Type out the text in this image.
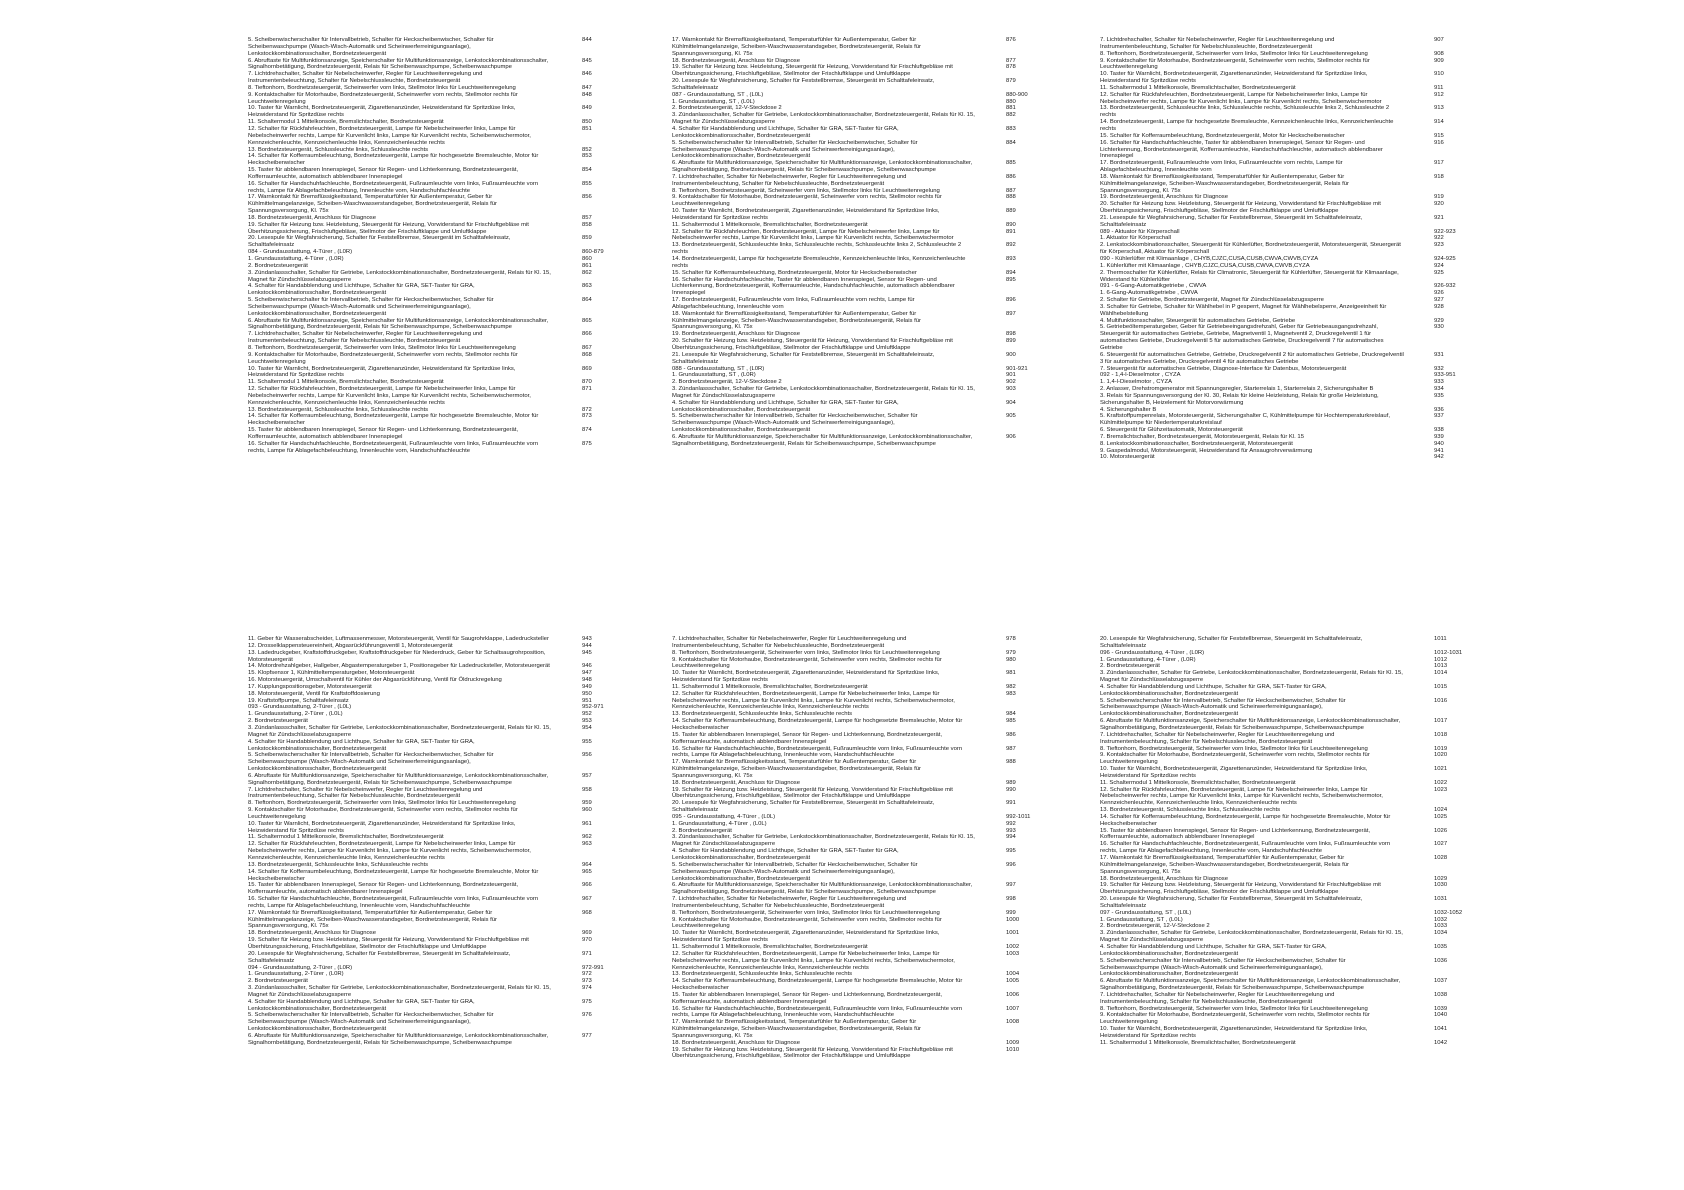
5. Scheibenwischerschalter für Intervallbetrieb, Schalter für Heckscheibenwischer, Schalter für Scheibenwaschpumpe (Wasch-Wisch-Automatik und Scheinwerferreinigungsanlage), Lenkstockkombinationsschalter, Bordnetzsteuergerät
844
6. Abruftaste für Multifunktionsanzeige, Speicherschalter für Multifunktionsanzeige, Lenkstockkombinationsschalter, Signalhornbetätigung, Bordnetzsteuergerät, Relais für Scheibenwaschpumpe, Scheibenwaschpumpe
845
7. Lichtdrehschalter, Schalter für Nebelscheinwerfer, Regler für Leuchtweitenregelung und Instrumentenbeleuchtung, Schalter für Nebelschlussleuchte, Bordnetzsteuergerät
846
8. Tieftonhorn, Bordnetzsteuergerät, Scheinwerfer vorn links, Stellmotor links für Leuchtweitenregelung	847
9. Kontaktschalter für Motorhaube, Bordnetzsteuergerät, Scheinwerfer vorn rechts, Stellmotor rechts für Leuchtweitenregelung
848
10. Taster für Warnlicht, Bordnetzsteuergerät, Zigarettenanzünder, Heizwiderstand für Spritzdüse links, Heizwiderstand für Spritzdüse rechts
849
11. Schaltermodul 1 Mittelkonsole, Bremslichtschalter, Bordnetzsteuergerät	850
12. Schalter für Rückfahrleuchten, Bordnetzsteuergerät, Lampe für Nebelscheinwerfer links, Lampe für Nebelscheinwerfer rechts, Lampe für Kurvenlicht links, Lampe für Kurvenlicht rechts, Scheibenwischermotor, Kennzeichenleuchte, Kennzeichenleuchte links, Kennzeichenleuchte rechts
851
13. Bordnetzsteuergerät, Schlussleuchte links, Schlussleuchte rechts	852
14. Schalter für Kofferraumbeleuchtung, Bordnetzsteuergerät, Lampe für hochgesetzte Bremsleuchte, Motor für Heckscheibenwischer
853
15. Taster für abblendbaren Innenspiegel, Sensor für Regen- und Lichterkennung, Bordnetzsteuergerät, Kofferraumleuchte, automatisch abblendbarer Innenspiegel
854
16. Schalter für Handschuhfachleuchte, Bordnetzsteuergerät, Fußraumleuchte vorn links, Fußraumleuchte vorn rechts, Lampe für Ablagefachbeleuchtung, Innenleuchte vorn, Handschuhfachleuchte
855
17. Warnkontakt für Bremsflüssigkeitsstand, Temperaturfühler für Außentemperatur, Geber für Kühlmittelmangelanzeige, Scheiben-Waschwasserstandsgeber, Bordnetzsteuergerät, Relais für Spannungsversorgung, Kl. 75x
856
18. Bordnetzsteuergerät, Anschluss für Diagnose	857
19. Schalter für Heizung bzw. Heizleistung, Steuergerät für Heizung, Vorwiderstand für Frischluftgebläse mit Überhitzungssicherung, Frischluftgebläse, Stellmotor der Frischluftklappe und Umluftklappe
858
20. Lesespule für Wegfahrsicherung, Schalter für Feststellbremse, Steuergerät im Schalttafeleinsatz, Schalttafeleinsatz
859
084 - Grundausstattung, 4-Türer , (L0R)	860-879
1. Grundausstattung, 4-Türer , (L0R)	860
2. Bordnetzsteuergerät	861
3. Zündanlassschalter, Schalter für Getriebe, Lenkstockkombinationsschalter, Bordnetzsteuergerät, Relais für Kl. 15, Magnet für Zündschlüsselabzugssperre
862
4. Schalter für Handabblendung und Lichthupe, Schalter für GRA, SET-Taster für GRA, Lenkstockkombinationsschalter, Bordnetzsteuergerät
863
5. Scheibenwischerschalter für Intervallbetrieb, Schalter für Heckscheibenwischer, Schalter für Scheibenwaschpumpe (Wasch-Wisch-Automatik und Scheinwerferreinigungsanlage), Lenkstockkombinationsschalter, Bordnetzsteuergerät
864
6. Abruftaste für Multifunktionsanzeige, Speicherschalter für Multifunktionsanzeige, Lenkstockkombinationsschalter, Signalhornbetätigung, Bordnetzsteuergerät, Relais für Scheibenwaschpumpe, Scheibenwaschpumpe
865
7. Lichtdrehschalter, Schalter für Nebelscheinwerfer, Regler für Leuchtweitenregelung und Instrumentenbeleuchtung, Schalter für Nebelschlussleuchte, Bordnetzsteuergerät
866
8. Tieftonhorn, Bordnetzsteuergerät, Scheinwerfer vorn links, Stellmotor links für Leuchtweitenregelung	867
9. Kontaktschalter für Motorhaube, Bordnetzsteuergerät, Scheinwerfer vorn rechts, Stellmotor rechts für Leuchtweitenregelung
868
10. Taster für Warnlicht, Bordnetzsteuergerät, Zigarettenanzünder, Heizwiderstand für Spritzdüse links, Heizwiderstand für Spritzdüse rechts
869
11. Schaltermodul 1 Mittelkonsole, Bremslichtschalter, Bordnetzsteuergerät	870
12. Schalter für Rückfahrleuchten, Bordnetzsteuergerät, Lampe für Nebelscheinwerfer links, Lampe für Nebelscheinwerfer rechts, Lampe für Kurvenlicht links, Lampe für Kurvenlicht rechts, Scheibenwischermotor, Kennzeichenleuchte, Kennzeichenleuchte links, Kennzeichenleuchte rechts
871
13. Bordnetzsteuergerät, Schlussleuchte links, Schlussleuchte rechts	872
14. Schalter für Kofferraumbeleuchtung, Bordnetzsteuergerät, Lampe für hochgesetzte Bremsleuchte, Motor für Heckscheibenwischer
873
15. Taster für abblendbaren Innenspiegel, Sensor für Regen- und Lichterkennung, Bordnetzsteuergerät, Kofferraumleuchte, automatisch abblendbarer Innenspiegel
874
16. Schalter für Handschuhfachleuchte, Bordnetzsteuergerät, Fußraumleuchte vorn links, Fußraumleuchte vorn rechts, Lampe für Ablagefachbeleuchtung, Innenleuchte vorn, Handschuhfachleuchte
875
17. Warnkontakt für Bremsflüssigkeitsstand, Temperaturfühler für Außentemperatur, Geber für Kühlmittelmangelanzeige, Scheiben-Waschwasserstandsgeber, Bordnetzsteuergerät, Relais für Spannungsversorgung, Kl. 75x
876
18. Bordnetzsteuergerät, Anschluss für Diagnose	877
19. Schalter für Heizung bzw. Heizleistung, Steuergerät für Heizung, Vorwiderstand für Frischluftgebläse mit Überhitzungssicherung, Frischluftgebläse, Stellmotor der Frischluftklappe und Umluftklappe
878
20. Lesespule für Wegfahrsicherung, Schalter für Feststellbremse, Steuergerät im Schalttafeleinsatz, Schalttafeleinsatz
879
087 - Grundausstattung, ST , (L0L)	880-900
1. Grundausstattung, ST , (L0L)	880
2. Bordnetzsteuergerät, 12-V-Steckdose 2	881
3. Zündanlassschalter, Schalter für Getriebe, Lenkstockkombinationsschalter, Bordnetzsteuergerät, Relais für Kl. 15, Magnet für Zündschlüsselabzugssperre
882
4. Schalter für Handabblendung und Lichthupe, Schalter für GRA, SET-Taster für GRA, Lenkstockkombinationsschalter, Bordnetzsteuergerät
883
5. Scheibenwischerschalter für Intervallbetrieb, Schalter für Heckscheibenwischer, Schalter für Scheibenwaschpumpe (Wasch-Wisch-Automatik und Scheinwerferreinigungsanlage), Lenkstockkombinationsschalter, Bordnetzsteuergerät
884
6. Abruftaste für Multifunktionsanzeige, Speicherschalter für Multifunktionsanzeige, Lenkstockkombinationsschalter, Signalhornbetätigung, Bordnetzsteuergerät, Relais für Scheibenwaschpumpe, Scheibenwaschpumpe
885
7. Lichtdrehschalter, Schalter für Nebelscheinwerfer, Regler für Leuchtweitenregelung und Instrumentenbeleuchtung, Schalter für Nebelschlussleuchte, Bordnetzsteuergerät
886
8. Tieftonhorn, Bordnetzsteuergerät, Scheinwerfer vorn links, Stellmotor links für Leuchtweitenregelung	887
9. Kontaktschalter für Motorhaube, Bordnetzsteuergerät, Scheinwerfer vorn rechts, Stellmotor rechts für Leuchtweitenregelung
888
10. Taster für Warnlicht, Bordnetzsteuergerät, Zigarettenanzünder, Heizwiderstand für Spritzdüse links, Heizwiderstand für Spritzdüse rechts
889
11. Schaltermodul 1 Mittelkonsole, Bremslichtschalter, Bordnetzsteuergerät	890
12. Schalter für Rückfahrleuchten, Bordnetzsteuergerät, Lampe für Nebelscheinwerfer links, Lampe für Nebelscheinwerfer rechts, Lampe für Kurvenlicht links, Lampe für Kurvenlicht rechts, Scheibenwischermotor
891
13. Bordnetzsteuergerät, Schlussleuchte links, Schlussleuchte rechts, Schlussleuchte links 2, Schlussleuchte 2 rechts
892
14. Bordnetzsteuergerät, Lampe für hochgesetzte Bremsleuchte, Kennzeichenleuchte links, Kennzeichenleuchte rechts
893
15. Schalter für Kofferraumbeleuchtung, Bordnetzsteuergerät, Motor für Heckscheibenwischer	894
16. Schalter für Handschuhfachleuchte, Taster für abblendbaren Innenspiegel, Sensor für Regen- und Lichterkennung, Bordnetzsteuergerät, Kofferraumleuchte, Handschuhfachleuchte, automatisch abblendbarer Innenspiegel
895
17. Bordnetzsteuergerät, Fußraumleuchte vorn links, Fußraumleuchte vorn rechts, Lampe für Ablagefachbeleuchtung, Innenleuchte vorn
896
18. Warnkontakt für Bremsflüssigkeitsstand, Temperaturfühler für Außentemperatur, Geber für Kühlmittelmangelanzeige, Scheiben-Waschwasserstandsgeber, Bordnetzsteuergerät, Relais für Spannungsversorgung, Kl. 75x
897
19. Bordnetzsteuergerät, Anschluss für Diagnose	898
20. Schalter für Heizung bzw. Heizleistung, Steuergerät für Heizung, Vorwiderstand für Frischluftgebläse mit Überhitzungssicherung, Frischluftgebläse, Stellmotor der Frischluftklappe und Umluftklappe
899
21. Lesespule für Wegfahrsicherung, Schalter für Feststellbremse, Steuergerät im Schalttafeleinsatz, Schalttafeleinsatz
900
088 - Grundausstattung, ST , (L0R)	901-921
1. Grundausstattung, ST , (L0R)	901
2. Bordnetzsteuergerät, 12-V-Steckdose 2	902
3. Zündanlassschalter, Schalter für Getriebe, Lenkstockkombinationsschalter, Bordnetzsteuergerät, Relais für Kl. 15, Magnet für Zündschlüsselabzugssperre
903
4. Schalter für Handabblendung und Lichthupe, Schalter für GRA, SET-Taster für GRA, Lenkstockkombinationsschalter, Bordnetzsteuergerät
904
5. Scheibenwischerschalter für Intervallbetrieb, Schalter für Heckscheibenwischer, Schalter für Scheibenwaschpumpe (Wasch-Wisch-Automatik und Scheinwerferreinigungsanlage), Lenkstockkombinationsschalter, Bordnetzsteuergerät
905
6. Abruftaste für Multifunktionsanzeige, Speicherschalter für Multifunktionsanzeige, Lenkstockkombinationsschalter, Signalhornbetätigung, Bordnetzsteuergerät, Relais für Scheibenwaschpumpe, Scheibenwaschpumpe
906
7. Lichtdrehschalter, Schalter für Nebelscheinwerfer, Regler für Leuchtweitenregelung und Instrumentenbeleuchtung, Schalter für Nebelschlussleuchte, Bordnetzsteuergerät
907
8. Tieftonhorn, Bordnetzsteuergerät, Scheinwerfer vorn links, Stellmotor links für Leuchtweitenregelung	908
9. Kontaktschalter für Motorhaube, Bordnetzsteuergerät, Scheinwerfer vorn rechts, Stellmotor rechts für Leuchtweitenregelung
909
10. Taster für Warnlicht, Bordnetzsteuergerät, Zigarettenanzünder, Heizwiderstand für Spritzdüse links, Heizwiderstand für Spritzdüse rechts
910
11. Schaltermodul 1 Mittelkonsole, Bremslichtschalter, Bordnetzsteuergerät	911
12. Schalter für Rückfahrleuchten, Bordnetzsteuergerät, Lampe für Nebelscheinwerfer links, Lampe für Nebelscheinwerfer rechts, Lampe für Kurvenlicht links, Lampe für Kurvenlicht rechts, Scheibenwischermotor
912
13. Bordnetzsteuergerät, Schlussleuchte links, Schlussleuchte rechts, Schlussleuchte links 2, Schlussleuchte 2 rechts
913
14. Bordnetzsteuergerät, Lampe für hochgesetzte Bremsleuchte, Kennzeichenleuchte links, Kennzeichenleuchte rechts
914
15. Schalter für Kofferraumbeleuchtung, Bordnetzsteuergerät, Motor für Heckscheibenwischer	915
16. Schalter für Handschuhfachleuchte, Taster für abblendbaren Innenspiegel, Sensor für Regen- und Lichterkennung, Bordnetzsteuergerät, Kofferraumleuchte, Handschuhfachleuchte, automatisch abblendbarer Innenspiegel
916
17. Bordnetzsteuergerät, Fußraumleuchte vorn links, Fußraumleuchte vorn rechts, Lampe für Ablagefachbeleuchtung, Innenleuchte vorn
917
18. Warnkontakt für Bremsflüssigkeitsstand, Temperaturfühler für Außentemperatur, Geber für Kühlmittelmangelanzeige, Scheiben-Waschwasserstandsgeber, Bordnetzsteuergerät, Relais für Spannungsversorgung, Kl. 75x
918
19. Bordnetzsteuergerät, Anschluss für Diagnose	919
20. Schalter für Heizung bzw. Heizleistung, Steuergerät für Heizung, Vorwiderstand für Frischluftgebläse mit Überhitzungssicherung, Frischluftgebläse, Stellmotor der Frischluftklappe und Umluftklappe
920
21. Lesespule für Wegfahrsicherung, Schalter für Feststellbremse, Steuergerät im Schalttafeleinsatz, Schalttafeleinsatz
921
089 - Aktuator für Körperschall	922-923
1. Aktuator für Körperschall	922
2. Lenkstockkombinationsschalter, Steuergerät für Kühlerlüfter, Bordnetzsteuergerät, Motorsteuergerät, Steuergerät für Körperschall, Aktuator für Körperschall
923
090 - Kühlerlüfter mit Klimaanlage , CHYB,CJZC,CUSA,CUSB,CWVA,CWVB,CYZA	924-925
1. Kühlerlüfter mit Klimaanlage , CHYB,CJZC,CUSA,CUSB,CWVA,CWVB,CYZA	924
2. Thermoschalter für Kühlerlüfter, Relais für Climatronic, Steuergerät für Kühlerlüfter, Steuergerät für Klimaanlage, Widerstand für Kühlerlüfter
925
091 - 6-Gang-Automatikgetriebe , CWVA	926-932
1. 6-Gang-Automatikgetriebe , CWVA	926
2. Schalter für Getriebe, Bordnetzsteuergerät, Magnet für Zündschlüsselabzugssperre	927
3. Schalter für Getriebe, Schalter für Wählhebel in P gesperrt, Magnet für Wählhebelsperre, Anzeigeeinheit für Wählhebelstellung
928
4. Multifunktionsschalter, Steuergerät für automatisches Getriebe, Getriebe	929
5. Getriebeöltemperaturgeber, Geber für Getriebeeingangsdrehzahl, Geber für Getriebeausgangsdrehzahl, Steuergerät für automatisches Getriebe, Getriebe, Magnetventil 1, Magnetventil 2, Druckregelventil 1 für automatisches Getriebe, Druckregelventil 5 für automatisches Getriebe, Druckregelventil 7 für automatisches Getriebe
930
6. Steuergerät für automatisches Getriebe, Getriebe, Druckregelventil 2 für automatisches Getriebe, Druckregelventil 3 für automatisches Getriebe, Druckregelventil 4 für automatisches Getriebe
931
7. Steuergerät für automatisches Getriebe, Diagnose-Interface für Datenbus, Motorsteuergerät	932
092 - 1,4-l-Dieselmotor , CYZA	933-951
1. 1,4-l-Dieselmotor , CYZA	933
2. Anlasser, Drehstromgenerator mit Spannungsregler, Starterrelais 1, Starterrelais 2, Sicherungshalter B	934
3. Relais für Spannungsversorgung der Kl. 30, Relais für kleine Heizleistung, Relais für große Heizleistung, Sicherungshalter B, Heizelement für Motorvorwärmung
935
4. Sicherungshalter B	936
5. Kraftstoffpumpenrelais, Motorsteuergerät, Sicherungshalter C, Kühlmittelpumpe für Hochtemperaturkreislauf, Kühlmittelpumpe für Niedertemperaturkreislauf
937
6. Steuergerät für Glühzeitautomatik, Motorsteuergerät	938
7. Bremslichtschalter, Bordnetzsteuergerät, Motorsteuergerät, Relais für Kl. 15	939
8. Lenkstockkombinationsschalter, Bordnetzsteuergerät, Motorsteuergerät	940
9. Gaspedalmodul, Motorsteuergerät, Heizwiderstand für Ansaugrohrverwärmung	941
10. Motorsteuergerät	942
11. Geber für Wasserabscheider, Luftmassenmesser, Motorsteuergerät, Ventil für Saugrohrklappe, Ladedrucksteller	943
12. Drosselklappensteuereinheit, Abgasrückführungsventil 1, Motorsteuergerät	944
13. Ladedruckgeber, Kraftstoffdruckgeber, Kraftstoffdruckgeber für Niederdruck, Geber für Schaltsaugrohrposition, Motorsteuergerät
945
14. Motordrehzahlgeber, Hallgeber, Abgastemperaturgeber 1, Positionsgeber für Ladedrucksteller, Motorsteuergerät	946
15. Klopfsensor 1, Kühlmitteltemperaturgeber, Motorsteuergerät	947
16. Motorsteuergerät, Umschaltventil für Kühler der Abgasrückführung, Ventil für Öldruckregelung	948
17. Kupplungspositionsgeber, Motorsteuergerät	949
18. Motorsteuergerät, Ventil für Kraftstoffdosierung	950
19. Kraftstoffpumpe, Schalttafeleinsatz	951
093 - Grundausstattung, 2-Türer , (L0L)	952-971
1. Grundausstattung, 2-Türer , (L0L)	952
2. Bordnetzsteuergerät	953
3. Zündanlassschalter, Schalter für Getriebe, Lenkstockkombinationsschalter, Bordnetzsteuergerät, Relais für Kl. 15, Magnet für Zündschlüsselabzugssperre
954
4. Schalter für Handabblendung und Lichthupe, Schalter für GRA, SET-Taster für GRA, Lenkstockkombinationsschalter, Bordnetzsteuergerät
955
5. Scheibenwischerschalter für Intervallbetrieb, Schalter für Heckscheibenwischer, Schalter für Scheibenwaschpumpe (Wasch-Wisch-Automatik und Scheinwerferreinigungsanlage), Lenkstockkombinationsschalter, Bordnetzsteuergerät
956
6. Abruftaste für Multifunktionsanzeige, Speicherschalter für Multifunktionsanzeige, Lenkstockkombinationsschalter, Signalhornbetätigung, Bordnetzsteuergerät, Relais für Scheibenwaschpumpe, Scheibenwaschpumpe
957
7. Lichtdrehschalter, Schalter für Nebelscheinwerfer, Regler für Leuchtweitenregelung und Instrumentenbeleuchtung, Schalter für Nebelschlussleuchte, Bordnetzsteuergerät
958
8. Tieftonhorn, Bordnetzsteuergerät, Scheinwerfer vorn links, Stellmotor links für Leuchtweitenregelung	959
9. Kontaktschalter für Motorhaube, Bordnetzsteuergerät, Scheinwerfer vorn rechts, Stellmotor rechts für Leuchtweitenregelung
960
10. Taster für Warnlicht, Bordnetzsteuergerät, Zigarettenanzünder, Heizwiderstand für Spritzdüse links, Heizwiderstand für Spritzdüse rechts
961
11. Schaltermodul 1 Mittelkonsole, Bremslichtschalter, Bordnetzsteuergerät	962
12. Schalter für Rückfahrleuchten, Bordnetzsteuergerät, Lampe für Nebelscheinwerfer links, Lampe für Nebelscheinwerfer rechts, Lampe für Kurvenlicht links, Lampe für Kurvenlicht rechts, Scheibenwischermotor, Kennzeichenleuchte, Kennzeichenleuchte links, Kennzeichenleuchte rechts
963
13. Bordnetzsteuergerät, Schlussleuchte links, Schlussleuchte rechts	964
14. Schalter für Kofferraumbeleuchtung, Bordnetzsteuergerät, Lampe für hochgesetzte Bremsleuchte, Motor für Heckscheibenwischer
965
15. Taster für abblendbaren Innenspiegel, Sensor für Regen- und Lichterkennung, Bordnetzsteuergerät, Kofferraumleuchte, automatisch abblendbarer Innenspiegel
966
16. Schalter für Handschuhfachleuchte, Bordnetzsteuergerät, Fußraumleuchte vorn links, Fußraumleuchte vorn rechts, Lampe für Ablagefachbeleuchtung, Innenleuchte vorn, Handschuhfachleuchte
967
17. Warnkontakt für Bremsflüssigkeitsstand, Temperaturfühler für Außentemperatur, Geber für Kühlmittelmangelanzeige, Scheiben-Waschwasserstandsgeber, Bordnetzsteuergerät, Relais für Spannungsversorgung, Kl. 75x
968
18. Bordnetzsteuergerät, Anschluss für Diagnose	969
19. Schalter für Heizung bzw. Heizleistung, Steuergerät für Heizung, Vorwiderstand für Frischluftgebläse mit Überhitzungssicherung, Frischluftgebläse, Stellmotor der Frischluftklappe und Umluftklappe
970
20. Lesespule für Wegfahrsicherung, Schalter für Feststellbremse, Steuergerät im Schalttafeleinsatz, Schalttafeleinsatz
971
094 - Grundausstattung, 2-Türer , (L0R)	972-991
1. Grundausstattung, 2-Türer , (L0R)	972
2. Bordnetzsteuergerät	973
3. Zündanlassschalter, Schalter für Getriebe, Lenkstockkombinationsschalter, Bordnetzsteuergerät, Relais für Kl. 15, Magnet für Zündschlüsselabzugssperre
974
4. Schalter für Handabblendung und Lichthupe, Schalter für GRA, SET-Taster für GRA, Lenkstockkombinationsschalter, Bordnetzsteuergerät
975
5. Scheibenwischerschalter für Intervallbetrieb, Schalter für Heckscheibenwischer, Schalter für Scheibenwaschpumpe (Wasch-Wisch-Automatik und Scheinwerferreinigungsanlage), Lenkstockkombinationsschalter, Bordnetzsteuergerät
976
6. Abruftaste für Multifunktionsanzeige, Speicherschalter für Multifunktionsanzeige, Lenkstockkombinationsschalter, Signalhornbetätigung, Bordnetzsteuergerät, Relais für Scheibenwaschpumpe, Scheibenwaschpumpe
977
7. Lichtdrehschalter, Schalter für Nebelscheinwerfer, Regler für Leuchtweitenregelung und Instrumentenbeleuchtung, Schalter für Nebelschlussleuchte, Bordnetzsteuergerät
978
8. Tieftonhorn, Bordnetzsteuergerät, Scheinwerfer vorn links, Stellmotor links für Leuchtweitenregelung	979
9. Kontaktschalter für Motorhaube, Bordnetzsteuergerät, Scheinwerfer vorn rechts, Stellmotor rechts für Leuchtweitenregelung
980
10. Taster für Warnlicht, Bordnetzsteuergerät, Zigarettenanzünder, Heizwiderstand für Spritzdüse links, Heizwiderstand für Spritzdüse rechts
981
11. Schaltermodul 1 Mittelkonsole, Bremslichtschalter, Bordnetzsteuergerät	982
12. Schalter für Rückfahrleuchten, Bordnetzsteuergerät, Lampe für Nebelscheinwerfer links, Lampe für Nebelscheinwerfer rechts, Lampe für Kurvenlicht links, Lampe für Kurvenlicht rechts, Scheibenwischermotor, Kennzeichenleuchte, Kennzeichenleuchte links, Kennzeichenleuchte rechts
983
13. Bordnetzsteuergerät, Schlussleuchte links, Schlussleuchte rechts	984
14. Schalter für Kofferraumbeleuchtung, Bordnetzsteuergerät, Lampe für hochgesetzte Bremsleuchte, Motor für Heckscheibenwischer
985
15. Taster für abblendbaren Innenspiegel, Sensor für Regen- und Lichterkennung, Bordnetzsteuergerät, Kofferraumleuchte, automatisch abblendbarer Innenspiegel
986
16. Schalter für Handschuhfachleuchte, Bordnetzsteuergerät, Fußraumleuchte vorn links, Fußraumleuchte vorn rechts, Lampe für Ablagefachbeleuchtung, Innenleuchte vorn, Handschuhfachleuchte
987
17. Warnkontakt für Bremsflüssigkeitsstand, Temperaturfühler für Außentemperatur, Geber für Kühlmittelmangelanzeige, Scheiben-Waschwasserstandsgeber, Bordnetzsteuergerät, Relais für Spannungsversorgung, Kl. 75x
988
18. Bordnetzsteuergerät, Anschluss für Diagnose	989
19. Schalter für Heizung bzw. Heizleistung, Steuergerät für Heizung, Vorwiderstand für Frischluftgebläse mit Überhitzungssicherung, Frischluftgebläse, Stellmotor der Frischluftklappe und Umluftklappe
990
20. Lesespule für Wegfahrsicherung, Schalter für Feststellbremse, Steuergerät im Schalttafeleinsatz, Schalttafeleinsatz
991
095 - Grundausstattung, 4-Türer , (L0L)	992-1011
1. Grundausstattung, 4-Türer , (L0L)	992
2. Bordnetzsteuergerät	993
3. Zündanlassschalter, Schalter für Getriebe, Lenkstockkombinationsschalter, Bordnetzsteuergerät, Relais für Kl. 15, Magnet für Zündschlüsselabzugssperre
994
4. Schalter für Handabblendung und Lichthupe, Schalter für GRA, SET-Taster für GRA, Lenkstockkombinationsschalter, Bordnetzsteuergerät
995
5. Scheibenwischerschalter für Intervallbetrieb, Schalter für Heckscheibenwischer, Schalter für Scheibenwaschpumpe (Wasch-Wisch-Automatik und Scheinwerferreinigungsanlage), Lenkstockkombinationsschalter, Bordnetzsteuergerät
996
6. Abruftaste für Multifunktionsanzeige, Speicherschalter für Multifunktionsanzeige, Lenkstockkombinationsschalter, Signalhornbetätigung, Bordnetzsteuergerät, Relais für Scheibenwaschpumpe, Scheibenwaschpumpe
997
7. Lichtdrehschalter, Schalter für Nebelscheinwerfer, Regler für Leuchtweitenregelung und Instrumentenbeleuchtung, Schalter für Nebelschlussleuchte, Bordnetzsteuergerät
998
8. Tieftonhorn, Bordnetzsteuergerät, Scheinwerfer vorn links, Stellmotor links für Leuchtweitenregelung	999
9. Kontaktschalter für Motorhaube, Bordnetzsteuergerät, Scheinwerfer vorn rechts, Stellmotor rechts für Leuchtweitenregelung
1000
10. Taster für Warnlicht, Bordnetzsteuergerät, Zigarettenanzünder, Heizwiderstand für Spritzdüse links, Heizwiderstand für Spritzdüse rechts
1001
11. Schaltermodul 1 Mittelkonsole, Bremslichtschalter, Bordnetzsteuergerät	1002
12. Schalter für Rückfahrleuchten, Bordnetzsteuergerät, Lampe für Nebelscheinwerfer links, Lampe für Nebelscheinwerfer rechts, Lampe für Kurvenlicht links, Lampe für Kurvenlicht rechts, Scheibenwischermotor, Kennzeichenleuchte, Kennzeichenleuchte links, Kennzeichenleuchte rechts
1003
13. Bordnetzsteuergerät, Schlussleuchte links, Schlussleuchte rechts	1004
14. Schalter für Kofferraumbeleuchtung, Bordnetzsteuergerät, Lampe für hochgesetzte Bremsleuchte, Motor für Heckscheibenwischer
1005
15. Taster für abblendbaren Innenspiegel, Sensor für Regen- und Lichterkennung, Bordnetzsteuergerät, Kofferraumleuchte, automatisch abblendbarer Innenspiegel
1006
16. Schalter für Handschuhfachleuchte, Bordnetzsteuergerät, Fußraumleuchte vorn links, Fußraumleuchte vorn rechts, Lampe für Ablagefachbeleuchtung, Innenleuchte vorn, Handschuhfachleuchte
1007
17. Warnkontakt für Bremsflüssigkeitsstand, Temperaturfühler für Außentemperatur, Geber für Kühlmittelmangelanzeige, Scheiben-Waschwasserstandsgeber, Bordnetzsteuergerät, Relais für Spannungsversorgung, Kl. 75x
1008
18. Bordnetzsteuergerät, Anschluss für Diagnose	1009
19. Schalter für Heizung bzw. Heizleistung, Steuergerät für Heizung, Vorwiderstand für Frischluftgebläse mit Überhitzungssicherung, Frischluftgebläse, Stellmotor der Frischluftklappe und Umluftklappe
1010
20. Lesespule für Wegfahrsicherung, Schalter für Feststellbremse, Steuergerät im Schalttafeleinsatz, Schalttafeleinsatz
1011
096 - Grundausstattung, 4-Türer , (L0R)	1012-1031
1. Grundausstattung, 4-Türer , (L0R)	1012
2. Bordnetzsteuergerät	1013
3. Zündanlassschalter, Schalter für Getriebe, Lenkstockkombinationsschalter, Bordnetzsteuergerät, Relais für Kl. 15, Magnet für Zündschlüsselabzugssperre
1014
4. Schalter für Handabblendung und Lichthupe, Schalter für GRA, SET-Taster für GRA, Lenkstockkombinationsschalter, Bordnetzsteuergerät
1015
5. Scheibenwischerschalter für Intervallbetrieb, Schalter für Heckscheibenwischer, Schalter für Scheibenwaschpumpe (Wasch-Wisch-Automatik und Scheinwerferreinigungsanlage), Lenkstockkombinationsschalter, Bordnetzsteuergerät
1016
6. Abruftaste für Multifunktionsanzeige, Speicherschalter für Multifunktionsanzeige, Lenkstockkombinationsschalter, Signalhornbetätigung, Bordnetzsteuergerät, Relais für Scheibenwaschpumpe, Scheibenwaschpumpe
1017
7. Lichtdrehschalter, Schalter für Nebelscheinwerfer, Regler für Leuchtweitenregelung und Instrumentenbeleuchtung, Schalter für Nebelschlussleuchte, Bordnetzsteuergerät
1018
8. Tieftonhorn, Bordnetzsteuergerät, Scheinwerfer vorn links, Stellmotor links für Leuchtweitenregelung	1019
9. Kontaktschalter für Motorhaube, Bordnetzsteuergerät, Scheinwerfer vorn rechts, Stellmotor rechts für Leuchtweitenregelung
1020
10. Taster für Warnlicht, Bordnetzsteuergerät, Zigarettenanzünder, Heizwiderstand für Spritzdüse links, Heizwiderstand für Spritzdüse rechts
1021
11. Schaltermodul 1 Mittelkonsole, Bremslichtschalter, Bordnetzsteuergerät	1022
12. Schalter für Rückfahrleuchten, Bordnetzsteuergerät, Lampe für Nebelscheinwerfer links, Lampe für Nebelscheinwerfer rechts, Lampe für Kurvenlicht links, Lampe für Kurvenlicht rechts, Scheibenwischermotor, Kennzeichenleuchte, Kennzeichenleuchte links, Kennzeichenleuchte rechts
1023
13. Bordnetzsteuergerät, Schlussleuchte links, Schlussleuchte rechts	1024
14. Schalter für Kofferraumbeleuchtung, Bordnetzsteuergerät, Lampe für hochgesetzte Bremsleuchte, Motor für Heckscheibenwischer
1025
15. Taster für abblendbaren Innenspiegel, Sensor für Regen- und Lichterkennung, Bordnetzsteuergerät, Kofferraumleuchte, automatisch abblendbarer Innenspiegel
1026
16. Schalter für Handschuhfachleuchte, Bordnetzsteuergerät, Fußraumleuchte vorn links, Fußraumleuchte vorn rechts, Lampe für Ablagefachbeleuchtung, Innenleuchte vorn, Handschuhfachleuchte
1027
17. Warnkontakt für Bremsflüssigkeitsstand, Temperaturfühler für Außentemperatur, Geber für Kühlmittelmangelanzeige, Scheiben-Waschwasserstandsgeber, Bordnetzsteuergerät, Relais für Spannungsversorgung, Kl. 75x
1028
18. Bordnetzsteuergerät, Anschluss für Diagnose	1029
19. Schalter für Heizung bzw. Heizleistung, Steuergerät für Heizung, Vorwiderstand für Frischluftgebläse mit Überhitzungssicherung, Frischluftgebläse, Stellmotor der Frischluftklappe und Umluftklappe
1030
20. Lesespule für Wegfahrsicherung, Schalter für Feststellbremse, Steuergerät im Schalttafeleinsatz, Schalttafeleinsatz
1031
097 - Grundausstattung, ST , (L0L)	1032-1052
1. Grundausstattung, ST , (L0L)	1032
2. Bordnetzsteuergerät, 12-V-Steckdose 2	1033
3. Zündanlassschalter, Schalter für Getriebe, Lenkstockkombinationsschalter, Bordnetzsteuergerät, Relais für Kl. 15, Magnet für Zündschlüsselabzugssperre
1034
4. Schalter für Handabblendung und Lichthupe, Schalter für GRA, SET-Taster für GRA, Lenkstockkombinationsschalter, Bordnetzsteuergerät
1035
5. Scheibenwischerschalter für Intervallbetrieb, Schalter für Heckscheibenwischer, Schalter für Scheibenwaschpumpe (Wasch-Wisch-Automatik und Scheinwerferreinigungsanlage), Lenkstockkombinationsschalter, Bordnetzsteuergerät
1036
6. Abruftaste für Multifunktionsanzeige, Speicherschalter für Multifunktionsanzeige, Lenkstockkombinationsschalter, Signalhornbetätigung, Bordnetzsteuergerät, Relais für Scheibenwaschpumpe, Scheibenwaschpumpe
1037
7. Lichtdrehschalter, Schalter für Nebelscheinwerfer, Regler für Leuchtweitenregelung und Instrumentenbeleuchtung, Schalter für Nebelschlussleuchte, Bordnetzsteuergerät
1038
8. Tieftonhorn, Bordnetzsteuergerät, Scheinwerfer vorn links, Stellmotor links für Leuchtweitenregelung	1039
9. Kontaktschalter für Motorhaube, Bordnetzsteuergerät, Scheinwerfer vorn rechts, Stellmotor rechts für Leuchtweitenregelung
1040
10. Taster für Warnlicht, Bordnetzsteuergerät, Zigarettenanzünder, Heizwiderstand für Spritzdüse links, Heizwiderstand für Spritzdüse rechts
1041
11. Schaltermodul 1 Mittelkonsole, Bremslichtschalter, Bordnetzsteuergerät	1042
